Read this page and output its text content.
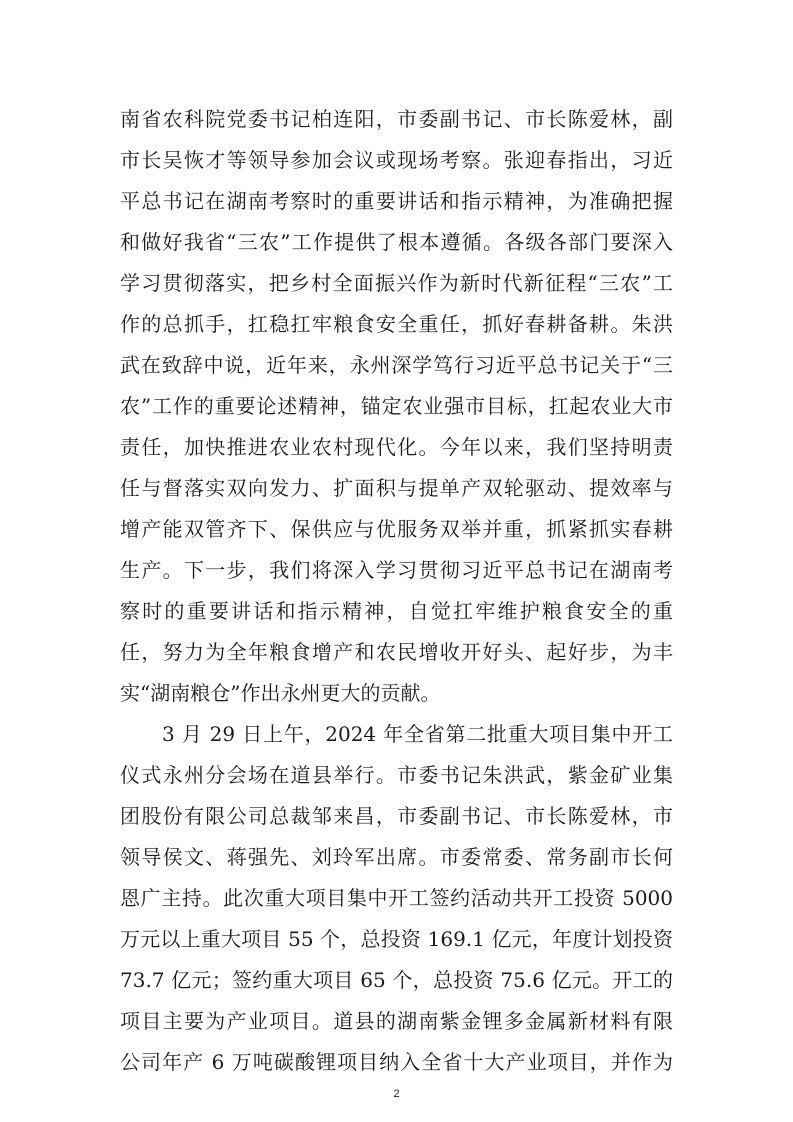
南省农科院党委书记柏连阳，市委副书记、市长陈爱林，副
市长吴恢才等领导参加会议或现场考察。张迎春指出，习近
平总书记在湖南考察时的重要讲话和指示精神，为准确把握
和做好我省“三农”工作提供了根本遵循。各级各部门要深入
学习贯彻落实，把乡村全面振兴作为新时代新征程“三农”工
作的总抓手，扛稳扛牢粮食安全重任，抓好春耕备耕。朱洪
武在致辞中说，近年来，永州深学笃行习近平总书记关于“三
农”工作的重要论述精神，锚定农业强市目标，扛起农业大市
责任，加快推进农业农村现代化。今年以来，我们坚持明责
任与督落实双向发力、扩面积与提单产双轮驱动、提效率与
增产能双管齐下、保供应与优服务双举并重，抓紧抓实春耕
生产。下一步，我们将深入学习贯彻习近平总书记在湖南考
察时的重要讲话和指示精神，自觉扛牢维护粮食安全的重
任，努力为全年粮食增产和农民增收开好头、起好步，为丰
实“湖南粮仓”作出永州更大的贡献。
3 月 29 日上午，2024 年全省第二批重大项目集中开工
仪式永州分会场在道县举行。市委书记朱洪武，紫金矿业集
团股份有限公司总裁邹来昌，市委副书记、市长陈爱林，市
领导侯文、蒋强先、刘玲军出席。市委常委、常务副市长何
恩广主持。此次重大项目集中开工签约活动共开工投资 5000
万元以上重大项目 55 个，总投资 169.1 亿元，年度计划投资
73.7 亿元；签约重大项目 65 个，总投资 75.6 亿元。开工的
项目主要为产业项目。道县的湖南紫金锂多金属新材料有限
公司年产 6 万吨碳酸锂项目纳入全省十大产业项目，并作为
2
